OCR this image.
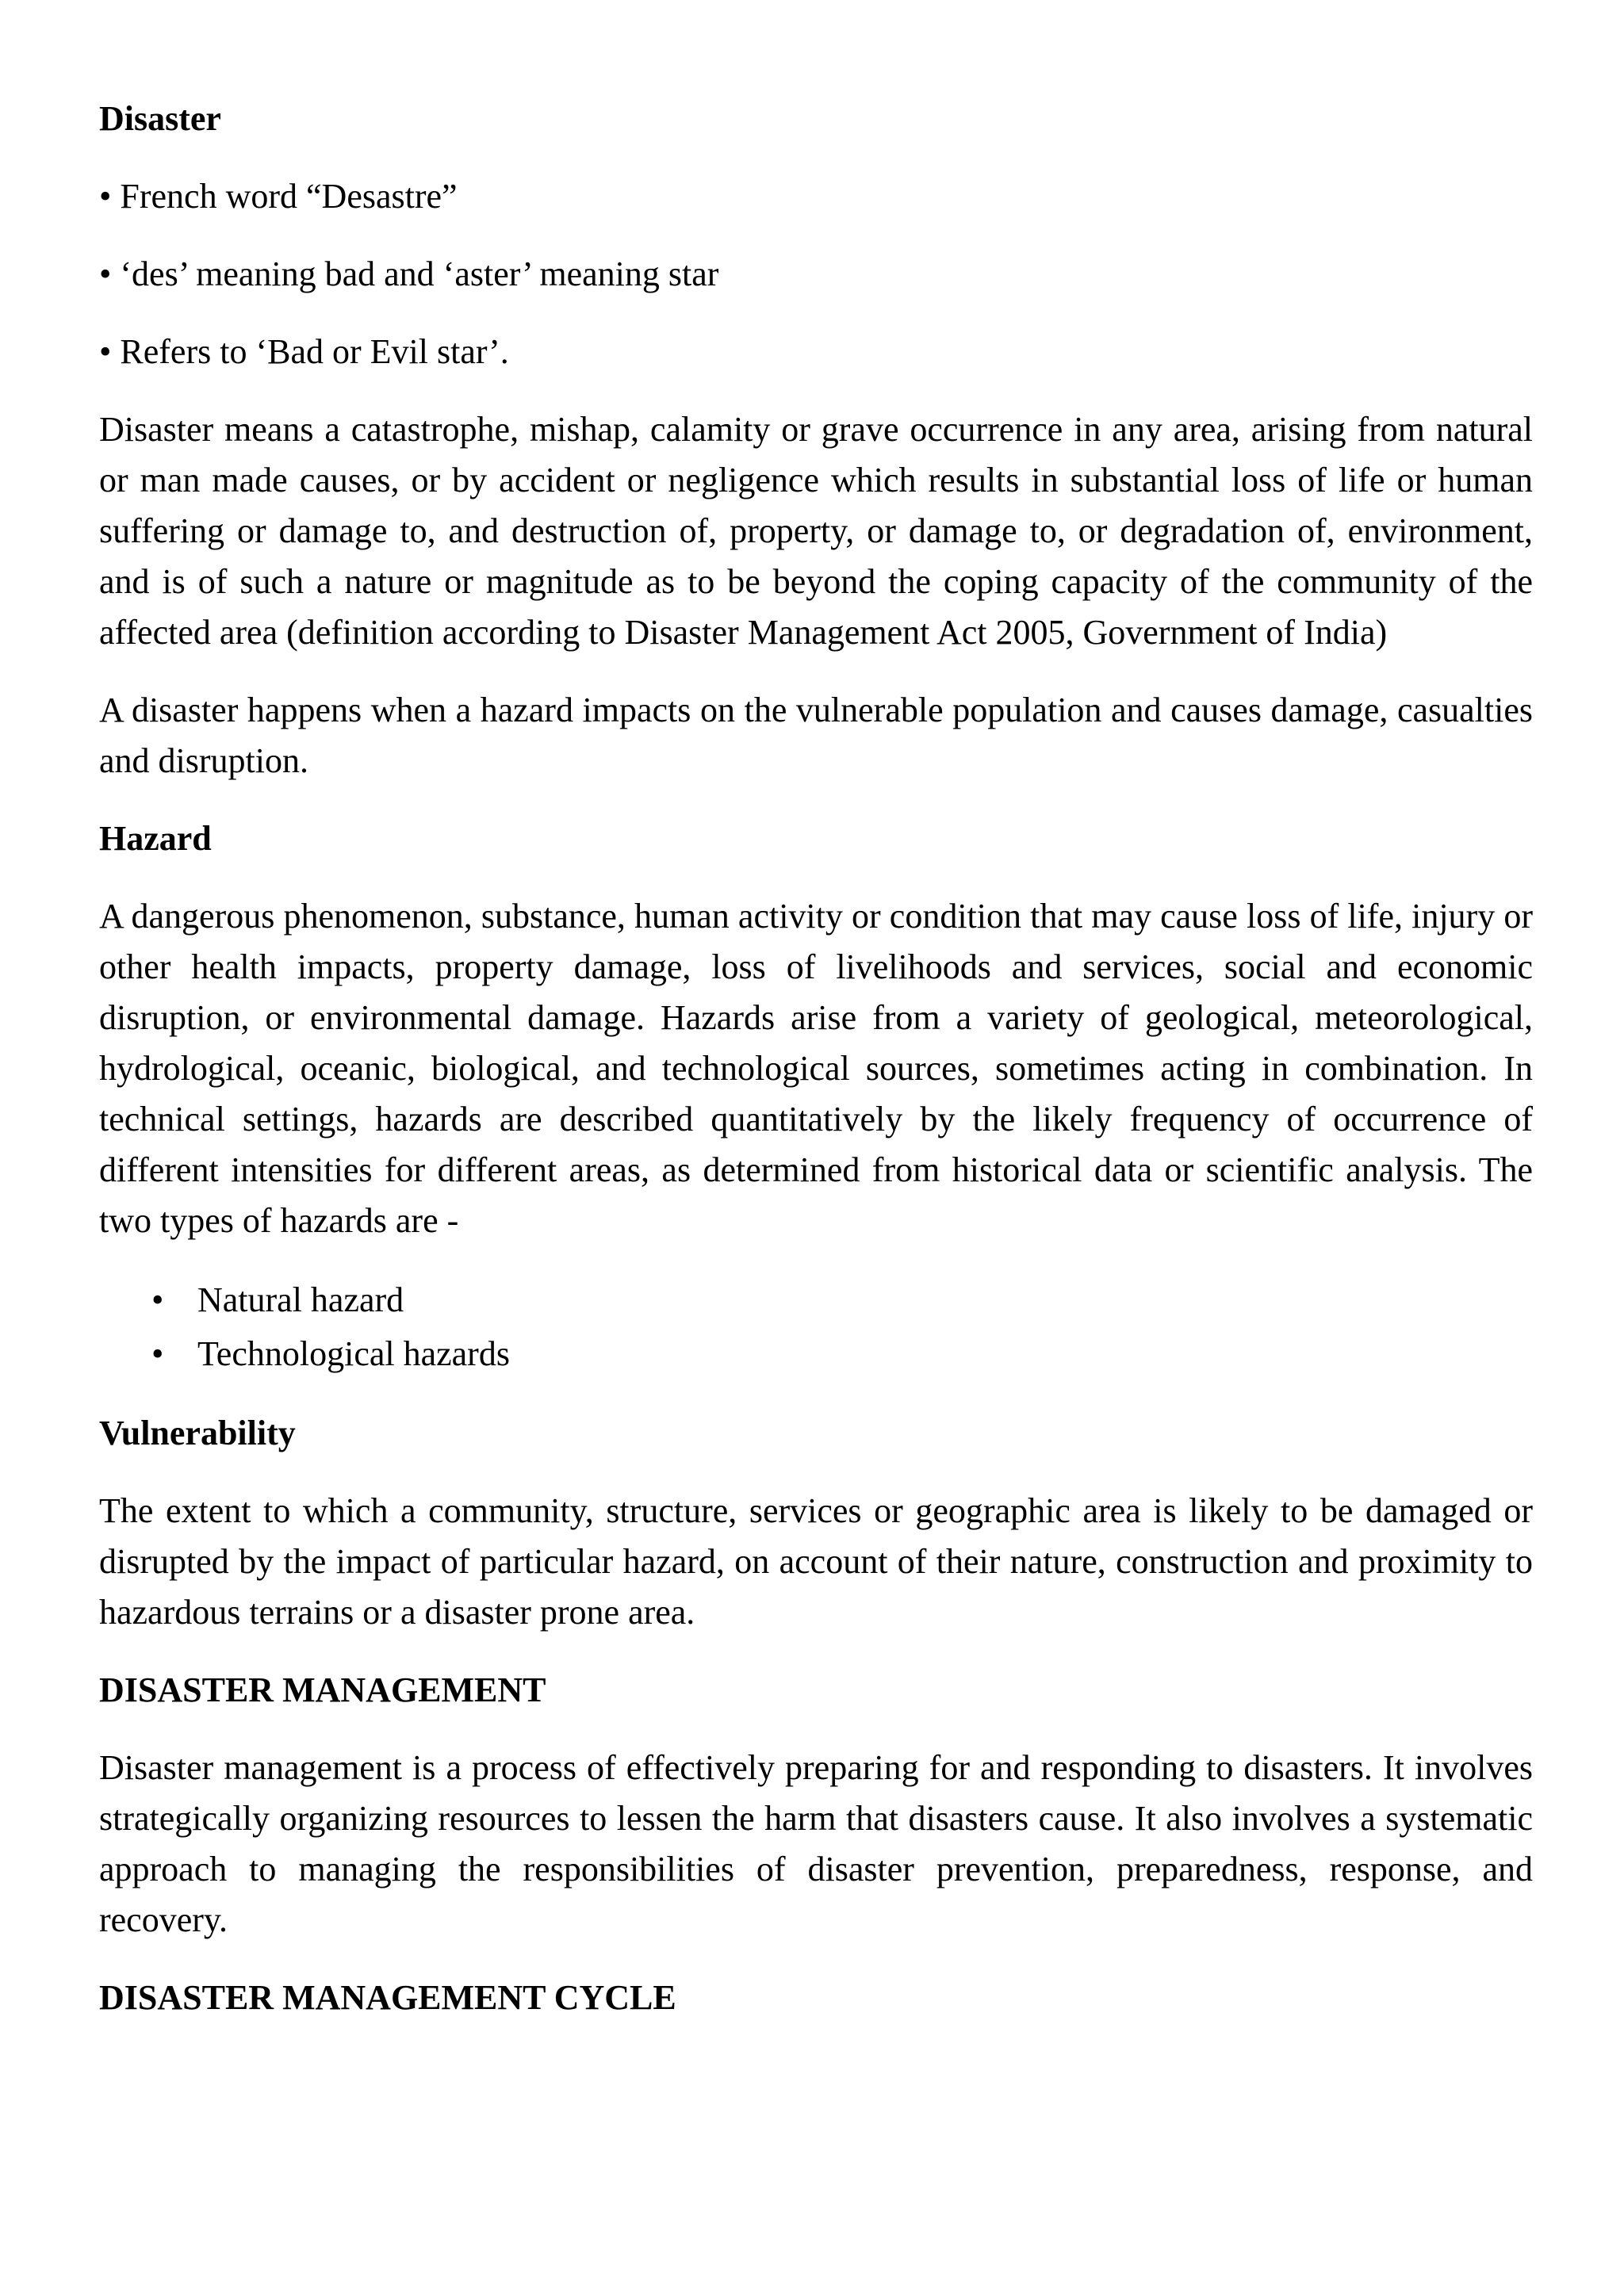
Disaster
• French word “Desastre”
• ‘des’ meaning bad and ‘aster’ meaning star
• Refers to ‘Bad or Evil star’.

Disaster means a catastrophe, mishap, calamity or grave occurrence in any area, arising from natural or man made causes, or by accident or negligence which results in substantial loss of life or human suffering or damage to, and destruction of, property, or damage to, or degradation of, environment, and is of such a nature or magnitude as to be beyond the coping capacity of the community of the affected area (definition according to Disaster Management Act 2005, Government of India)

A disaster happens when a hazard impacts on the vulnerable population and causes damage, casualties and disruption.

Hazard

A dangerous phenomenon, substance, human activity or condition that may cause loss of life, injury or other health impacts, property damage, loss of livelihoods and services, social and economic disruption, or environmental damage. Hazards arise from a variety of geological, meteorological, hydrological, oceanic, biological, and technological sources, sometimes acting in combination. In technical settings, hazards are described quantitatively by the likely frequency of occurrence of different intensities for different areas, as determined from historical data or scientific analysis. The two types of hazards are -

• Natural hazard
• Technological hazards
Vulnerability

The extent to which a community, structure, services or geographic area is likely to be damaged or disrupted by the impact of particular hazard, on account of their nature, construction and proximity to hazardous terrains or a disaster prone area.

DISASTER MANAGEMENT

Disaster management is a process of effectively preparing for and responding to disasters. It involves strategically organizing resources to lessen the harm that disasters cause. It also involves a systematic approach to managing the responsibilities of disaster prevention, preparedness, response, and recovery.

DISASTER MANAGEMENT CYCLE
